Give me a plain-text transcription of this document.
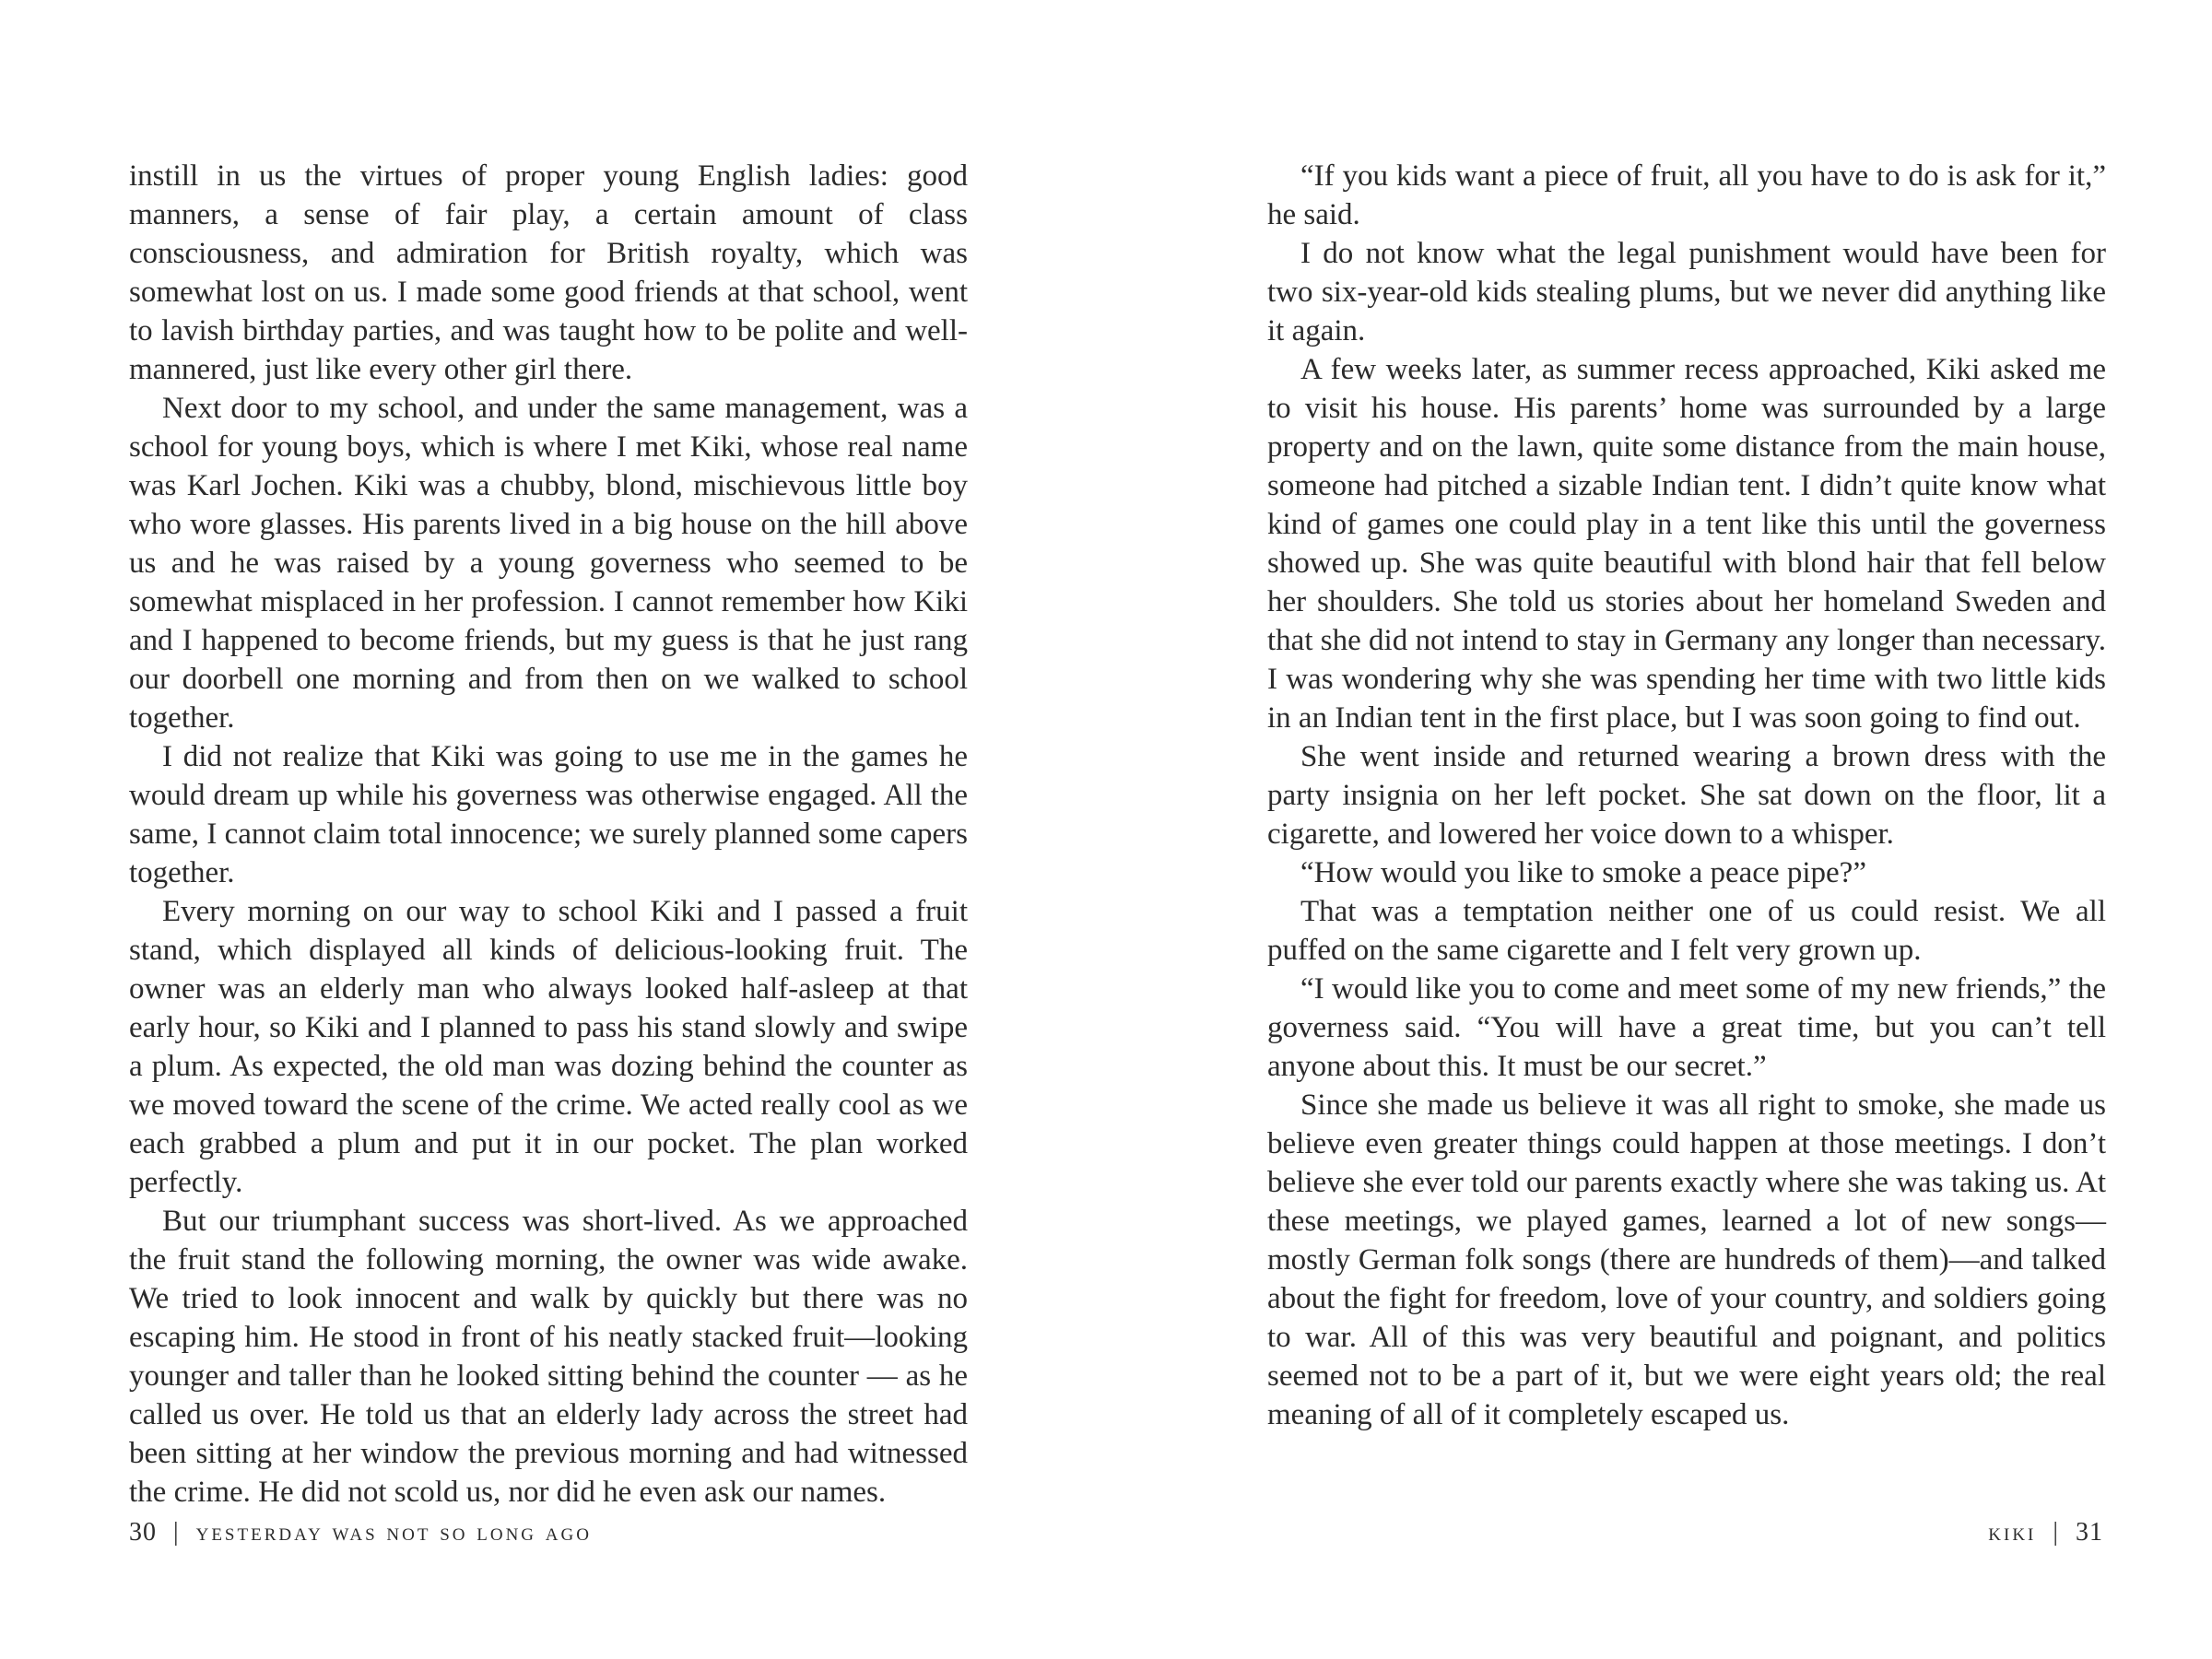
instill in us the virtues of proper young English ladies: good manners, a sense of fair play, a certain amount of class consciousness, and admiration for British royalty, which was somewhat lost on us. I made some good friends at that school, went to lavish birthday parties, and was taught how to be polite and well-mannered, just like every other girl there.

Next door to my school, and under the same management, was a school for young boys, which is where I met Kiki, whose real name was Karl Jochen. Kiki was a chubby, blond, mischievous little boy who wore glasses. His parents lived in a big house on the hill above us and he was raised by a young governess who seemed to be somewhat misplaced in her profession. I cannot remember how Kiki and I happened to become friends, but my guess is that he just rang our doorbell one morning and from then on we walked to school together.

I did not realize that Kiki was going to use me in the games he would dream up while his governess was otherwise engaged. All the same, I cannot claim total innocence; we surely planned some capers together.

Every morning on our way to school Kiki and I passed a fruit stand, which displayed all kinds of delicious-looking fruit. The owner was an elderly man who always looked half-asleep at that early hour, so Kiki and I planned to pass his stand slowly and swipe a plum. As expected, the old man was dozing behind the counter as we moved toward the scene of the crime. We acted really cool as we each grabbed a plum and put it in our pocket. The plan worked perfectly.

But our triumphant success was short-lived. As we approached the fruit stand the following morning, the owner was wide awake. We tried to look innocent and walk by quickly but there was no escaping him. He stood in front of his neatly stacked fruit—looking younger and taller than he looked sitting behind the counter — as he called us over. He told us that an elderly lady across the street had been sitting at her window the previous morning and had witnessed the crime. He did not scold us, nor did he even ask our names.

30 | yesterday was not so long ago

“If you kids want a piece of fruit, all you have to do is ask for it,” he said.

I do not know what the legal punishment would have been for two six-year-old kids stealing plums, but we never did anything like it again.

A few weeks later, as summer recess approached, Kiki asked me to visit his house. His parents’ home was surrounded by a large property and on the lawn, quite some distance from the main house, someone had pitched a sizable Indian tent. I didn’t quite know what kind of games one could play in a tent like this until the governess showed up. She was quite beautiful with blond hair that fell below her shoulders. She told us stories about her homeland Sweden and that she did not intend to stay in Germany any longer than necessary. I was wondering why she was spending her time with two little kids in an Indian tent in the first place, but I was soon going to find out.

She went inside and returned wearing a brown dress with the party insignia on her left pocket. She sat down on the floor, lit a cigarette, and lowered her voice down to a whisper.

“How would you like to smoke a peace pipe?”

That was a temptation neither one of us could resist. We all puffed on the same cigarette and I felt very grown up.

“I would like you to come and meet some of my new friends,” the governess said. “You will have a great time, but you can’t tell anyone about this. It must be our secret.”

Since she made us believe it was all right to smoke, she made us believe even greater things could happen at those meetings. I don’t believe she ever told our parents exactly where she was taking us. At these meetings, we played games, learned a lot of new songs—mostly German folk songs (there are hundreds of them)—and talked about the fight for freedom, love of your country, and soldiers going to war. All of this was very beautiful and poignant, and politics seemed not to be a part of it, but we were eight years old; the real meaning of all of it completely escaped us.

kiki | 31
